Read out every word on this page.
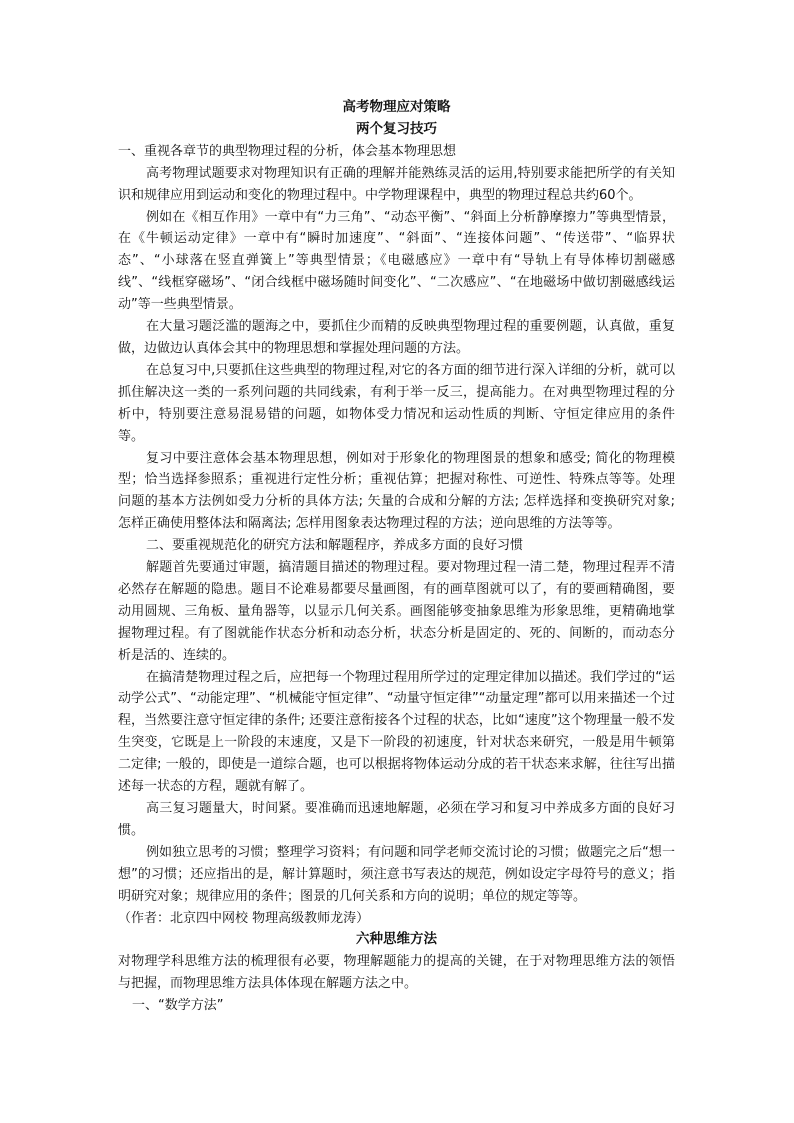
高考物理应对策略

两个复习技巧

一、重视各章节的典型物理过程的分析，体会基本物理思想

高考物理试题要求对物理知识有正确的理解并能熟练灵活的运用,特别要求能把所学的有关知识和规律应用到运动和变化的物理过程中。中学物理课程中，典型的物理过程总共约60个。

例如在《相互作用》一章中有“力三角”、“动态平衡”、“斜面上分析静摩擦力”等典型情景，在《牛顿运动定律》一章中有“瞬时加速度”、“斜面”、“连接体问题”、“传送带”、“临界状态”、“小球落在竖直弹簧上”等典型情景；《电磁感应》一章中有“导轨上有导体棒切割磁感线”、“线框穿磁场”、“闭合线框中磁场随时间变化”、“二次感应”、“在地磁场中做切割磁感线运动”等一些典型情景。

在大量习题泛滥的题海之中，要抓住少而精的反映典型物理过程的重要例题，认真做，重复做，边做边认真体会其中的物理思想和掌握处理问题的方法。

在总复习中,只要抓住这些典型的物理过程,对它的各方面的细节进行深入详细的分析，就可以抓住解决这一类的一系列问题的共同线索，有利于举一反三，提高能力。在对典型物理过程的分析中，特别要注意易混易错的问题，如物体受力情况和运动性质的判断、守恒定律应用的条件等。

复习中要注意体会基本物理思想，例如对于形象化的物理图景的想象和感受; 简化的物理模型；恰当选择参照系；重视进行定性分析；重视估算；把握对称性、可逆性、特殊点等等。处理问题的基本方法例如受力分析的具体方法; 矢量的合成和分解的方法; 怎样选择和变换研究对象; 怎样正确使用整体法和隔离法; 怎样用图象表达物理过程的方法；逆向思维的方法等等。

二、要重视规范化的研究方法和解题程序，养成多方面的良好习惯

解题首先要通过审题，搞清题目描述的物理过程。要对物理过程一清二楚，物理过程弄不清必然存在解题的隐患。题目不论难易都要尽量画图，有的画草图就可以了，有的要画精确图，要动用圆规、三角板、量角器等，以显示几何关系。画图能够变抽象思维为形象思维，更精确地掌握物理过程。有了图就能作状态分析和动态分析，状态分析是固定的、死的、间断的，而动态分析是活的、连续的。

在搞清楚物理过程之后，应把每一个物理过程用所学过的定理定律加以描述。我们学过的“运动学公式”、“动能定理”、“机械能守恒定律”、“动量守恒定律”“动量定理”都可以用来描述一个过程，当然要注意守恒定律的条件; 还要注意衔接各个过程的状态，比如“速度”这个物理量一般不发生突变，它既是上一阶段的末速度，又是下一阶段的初速度，针对状态来研究，一般是用牛顿第二定律; 一般的，即使是一道综合题，也可以根据将物体运动分成的若干状态来求解，往往写出描述每一状态的方程，题就有解了。

高三复习题量大，时间紧。要准确而迅速地解题，必须在学习和复习中养成多方面的良好习惯。

例如独立思考的习惯；整理学习资料；有问题和同学老师交流讨论的习惯；做题完之后“想一想”的习惯；还应指出的是，解计算题时，须注意书写表达的规范，例如设定字母符号的意义；指明研究对象；规律应用的条件；图景的几何关系和方向的说明；单位的规定等等。

（作者：北京四中网校 物理高级教师龙涛）

六种思维方法

对物理学科思维方法的梳理很有必要，物理解题能力的提高的关键，在于对物理思维方法的领悟与把握，而物理思维方法具体体现在解题方法之中。

一、“数学方法”
